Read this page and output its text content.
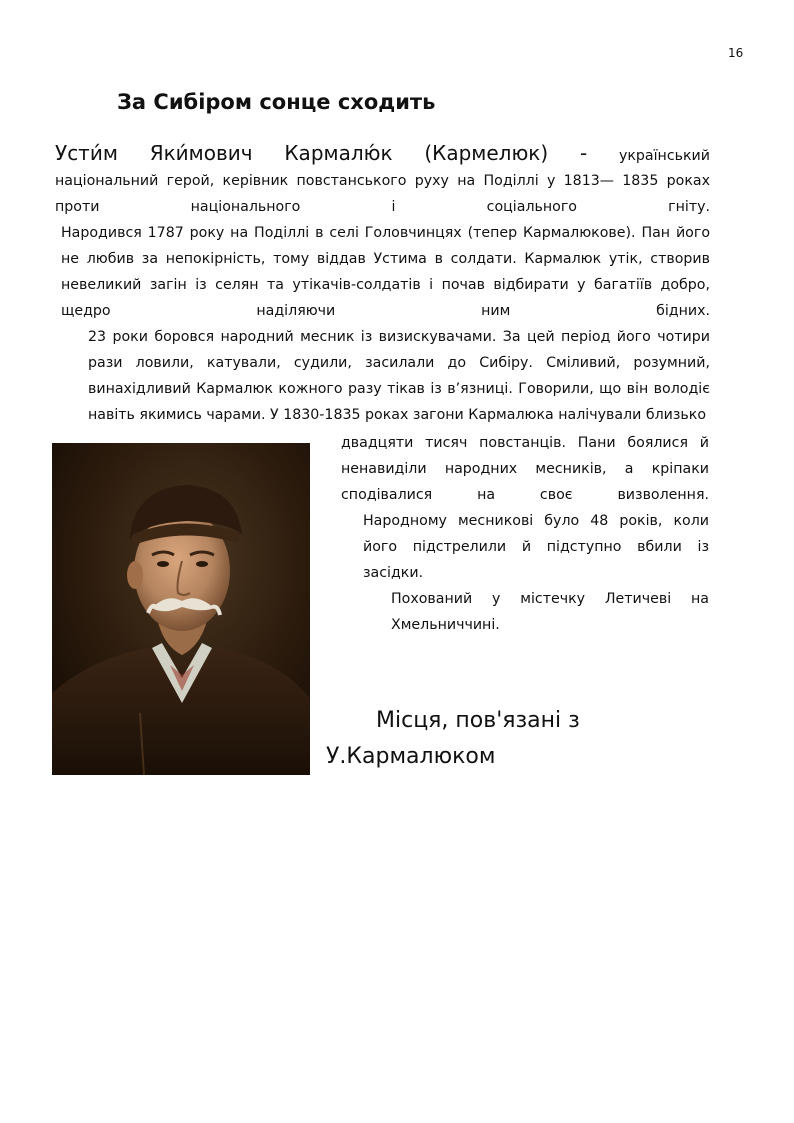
16
За Сибіром сонце сходить
Усти́м Яки́мович Кармалю́к (Кармелюк) - український
національний герой, керівник повстанського руху на Поділлі у 1813— 1835 роках проти національного і соціального гніту.
Народився 1787 року на Поділлі в селі Головчинцях (тепер Кармалюкове). Пан його не любив за непокірність, тому віддав Устима в солдати. Кармалюк утік, створив невеликий загін із селян та утікачів-солдатів і почав відбирати у багатіїв добро, щедро наділяючи ним бідних.
23 роки боровся народний месник із визискувачами. За цей період його чотири рази ловили, катували, судили, засилали до Сибіру. Сміливий, розумний, винахідливий Кармалюк кожного разу тікав із в’язниці. Говорили, що він володіє навіть якимись чарами. У 1830-1835 роках загони Кармалюка налічували близько
двадцяти тисяч повстанців. Пани боялися й ненавиділи народних месників, а кріпаки сподівалися на своє визволення.
Народному месникові було 48 років, коли його підстрелили й підступно вбили із засідки.
Похований у містечку Летичеві на Хмельниччині.
Місця, пов'язані з
У.Кармалюком
